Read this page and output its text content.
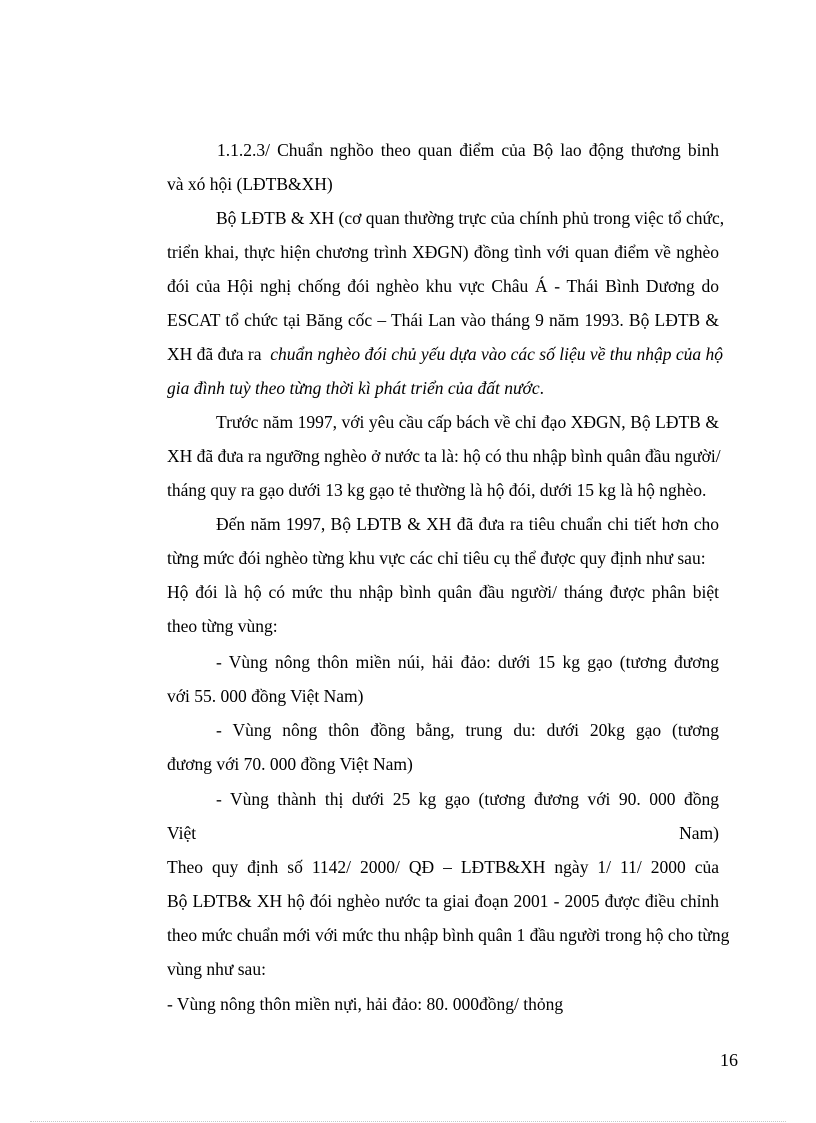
1.1.2.3/ Chuẩn nghồo theo quan điểm của Bộ lao động thương binh
và xó hội (LĐTB&XH)
Bộ LĐTB & XH (cơ quan thường trực của chính phủ trong việc tổ chức,
triển khai, thực hiện chương trình XĐGN) đồng tình với quan điểm về nghèo
đói của Hội nghị chống đói nghèo khu vực Châu Á - Thái Bình Dương do
ESCAT tổ chức tại Băng cốc – Thái Lan vào tháng 9 năm 1993. Bộ LĐTB &
XH đã đưa ra chuẩn nghèo đói chủ yếu dựa vào các số liệu về thu nhập của hộ
gia đình tuỳ theo từng thời kì phát triển của đất nước.
Trước năm 1997, với yêu cầu cấp bách về chỉ đạo XĐGN, Bộ LĐTB &
XH đã đưa ra ngưỡng nghèo ở nước ta là: hộ có thu nhập bình quân đầu người/
tháng quy ra gạo dưới 13 kg gạo tẻ thường là hộ đói, dưới 15 kg là hộ nghèo.
Đến năm 1997, Bộ LĐTB & XH đã đưa ra tiêu chuẩn chi tiết hơn cho
từng mức đói nghèo từng khu vực các chỉ tiêu cụ thể được quy định như sau:
Hộ đói là hộ có mức thu nhập bình quân đầu người/ tháng được phân biệt
theo từng vùng:
- Vùng nông thôn miền núi, hải đảo: dưới 15 kg gạo (tương đương
với 55. 000 đồng Việt Nam)
- Vùng nông thôn đồng bằng, trung du: dưới 20kg gạo (tương
đương với 70. 000 đồng Việt Nam)
- Vùng thành thị dưới 25 kg gạo (tương đương với 90. 000 đồng
Việt	Nam)
Theo quy định số 1142/ 2000/ QĐ – LĐTB&XH ngày 1/ 11/ 2000 của
Bộ LĐTB& XH hộ đói nghèo nước ta giai đoạn 2001 - 2005 được điều chỉnh
theo mức chuẩn mới với mức thu nhập bình quân 1 đầu người trong hộ cho từng
vùng như sau:
- Vùng nông thôn miền nựi, hải đảo: 80. 000đồng/ thỏng
16
